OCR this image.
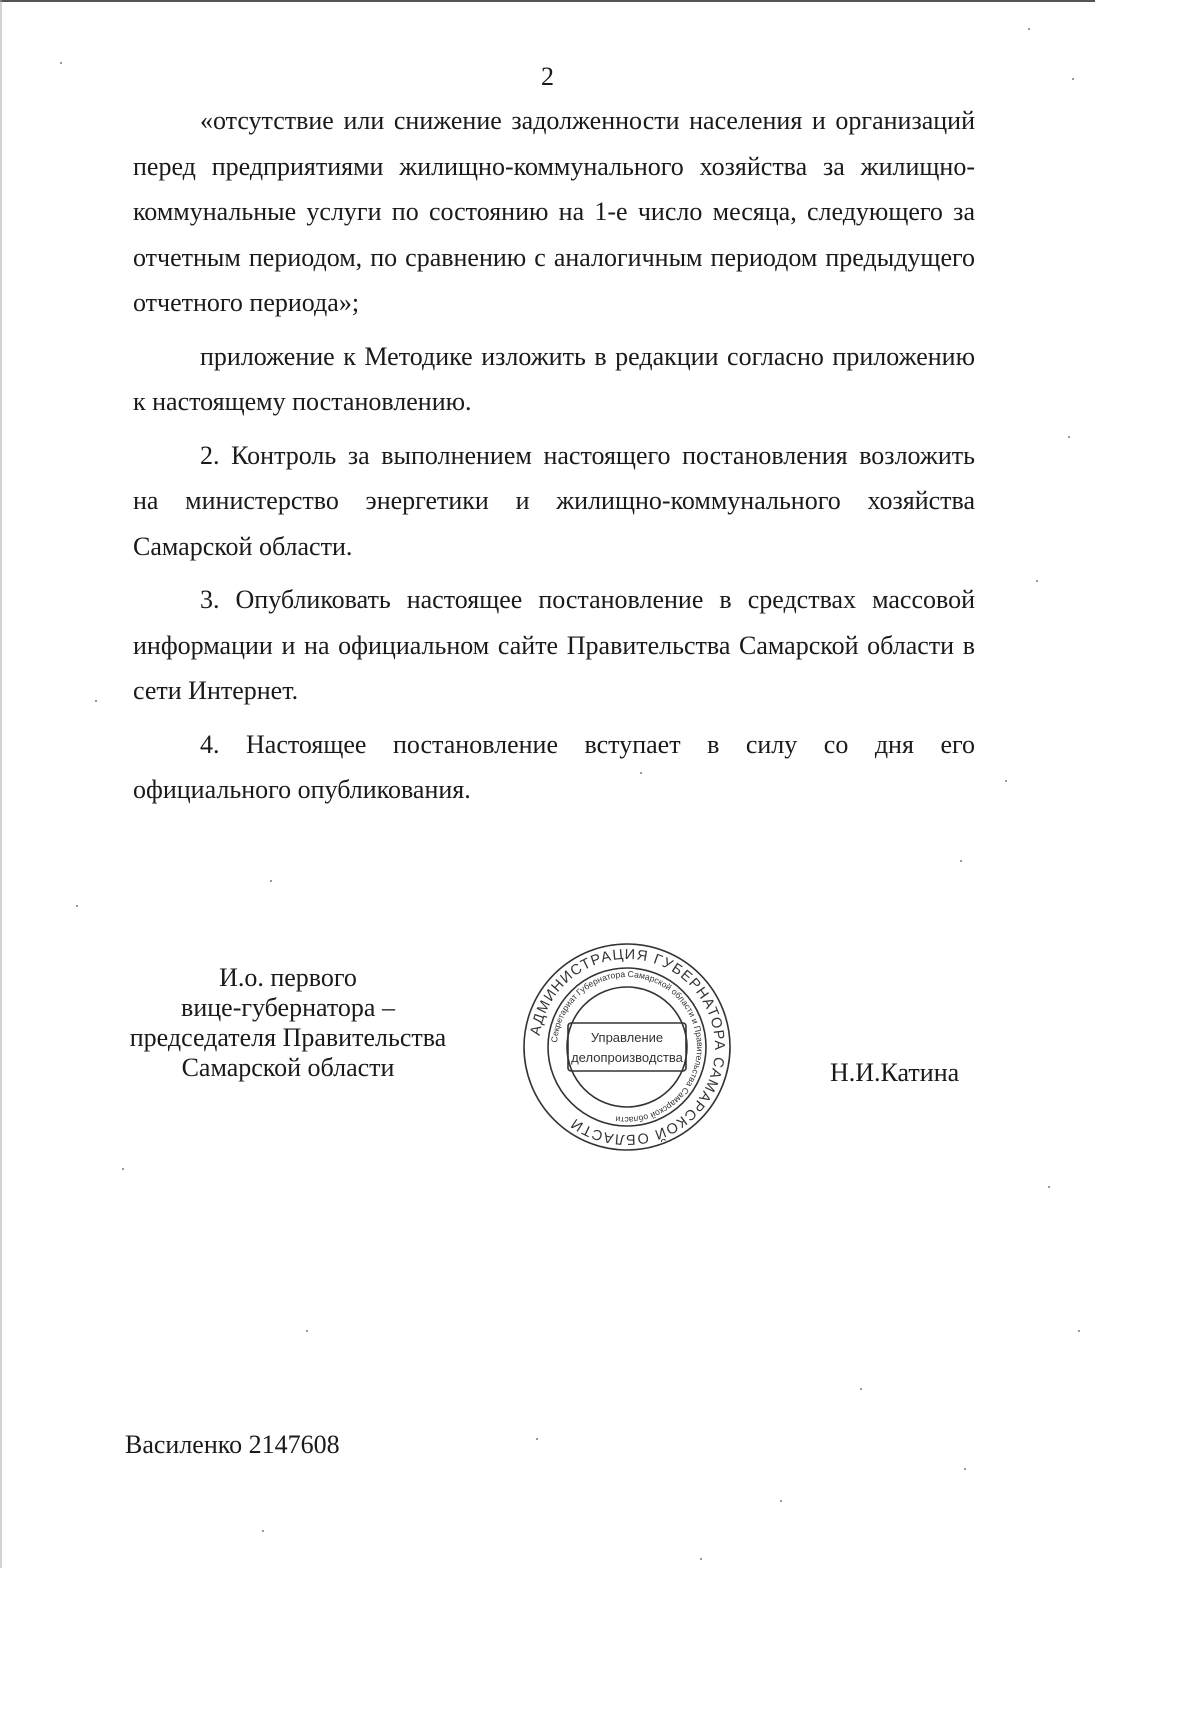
2

«отсутствие или снижение задолженности населения и организаций перед предприятиями жилищно-коммунального хозяйства за жилищно-коммунальные услуги по состоянию на 1-е число месяца, следующего за отчетным периодом, по сравнению с аналогичным периодом предыдущего отчетного периода»;

приложение к Методике изложить в редакции согласно приложению к настоящему постановлению.

2. Контроль за выполнением настоящего постановления возложить на министерство энергетики и жилищно-коммунального хозяйства Самарской области.

3. Опубликовать настоящее постановление в средствах массовой информации и на официальном сайте Правительства Самарской области в сети Интернет.

4. Настоящее постановление вступает в силу со дня его официального опубликования.

И.о. первого
вице-губернатора –
председателя Правительства
Самарской области
АДМИНИСТРАЦИЯ ГУБЕРНАТОРА САМАРСКОЙ ОБЛАСТИ
Секретариат Губернатора Самарской области и Правительства Самарской области
Управление
делопроизводства
Н.И.Катина
Василенко 2147608
